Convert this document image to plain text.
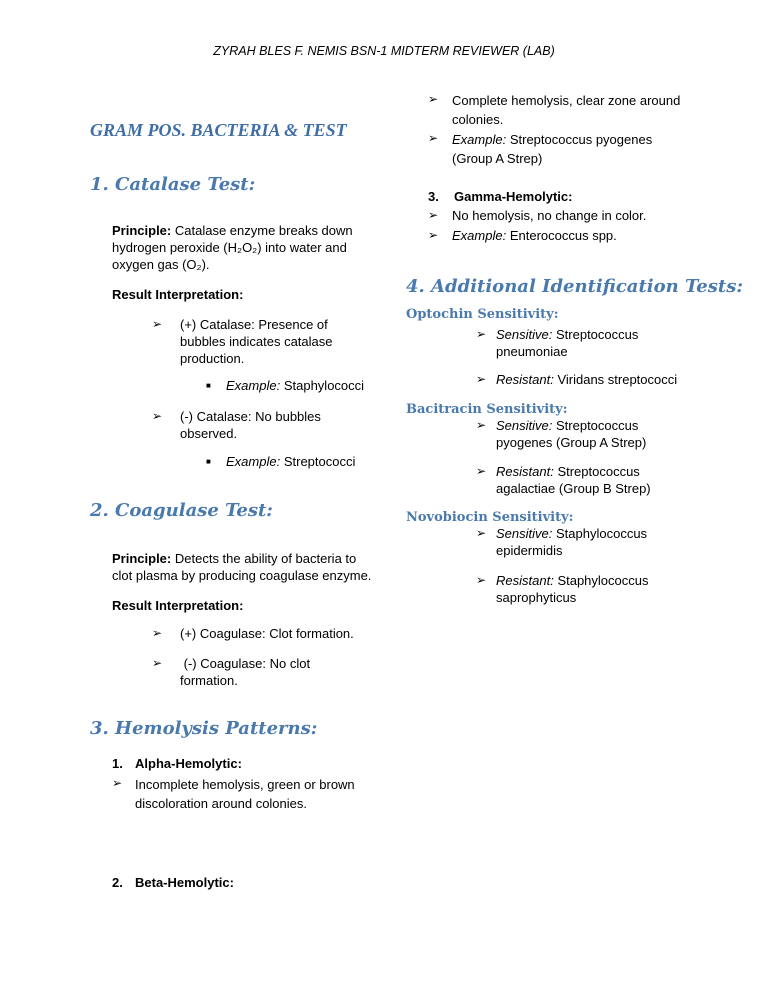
ZYRAH BLES F. NEMIS BSN-1 MIDTERM REVIEWER (LAB)
GRAM POS. BACTERIA & TEST
1. Catalase Test:
Principle: Catalase enzyme breaks down
hydrogen peroxide (H₂O₂) into water and
oxygen gas (O₂).
Result Interpretation:
➢ (+) Catalase: Presence of
bubbles indicates catalase
production.
■ Example: Staphylococci
➢ (-) Catalase: No bubbles
observed.
■ Example: Streptococci
2. Coagulase Test:
Principle: Detects the ability of bacteria to
clot plasma by producing coagulase enzyme.
Result Interpretation:
➢ (+) Coagulase: Clot formation.
➢ (-) Coagulase: No clot
formation.
3. Hemolysis Patterns:
1. Alpha-Hemolytic:
➢ Incomplete hemolysis, green or brown
discoloration around colonies.
2. Beta-Hemolytic:
➢ Complete hemolysis, clear zone around
colonies.
➢ Example: Streptococcus pyogenes
(Group A Strep)
3. Gamma-Hemolytic:
➢ No hemolysis, no change in color.
➢ Example: Enterococcus spp.
4. Additional Identification Tests:
Optochin Sensitivity:
➢ Sensitive: Streptococcus
pneumoniae
➢ Resistant: Viridans streptococci
Bacitracin Sensitivity:
➢ Sensitive: Streptococcus
pyogenes (Group A Strep)
➢ Resistant: Streptococcus
agalactiae (Group B Strep)
Novobiocin Sensitivity:
➢ Sensitive: Staphylococcus
epidermidis
➢ Resistant: Staphylococcus
saprophyticus
